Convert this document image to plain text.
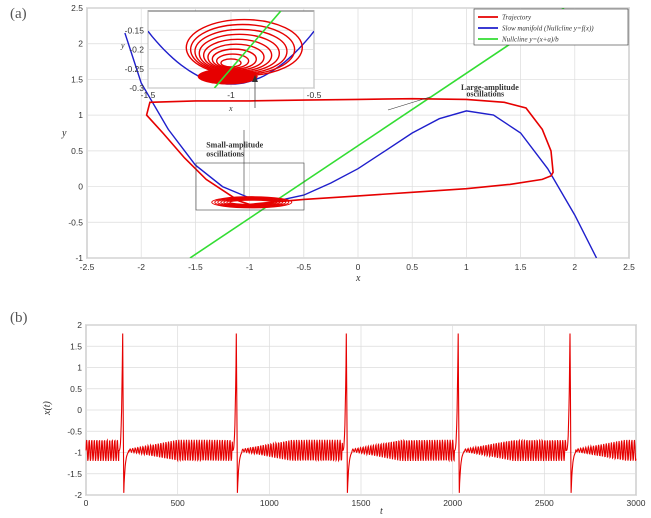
(a)
(b)
-2.5	-2	-1.5	-1	-0.5	0	0.5	1	1.5	2	2.5
-1
-0.5
0
0.5
1
1.5
2
2.5
x
y
Large-amplitude
oscillations
Small-amplitude
oscillations
-1.5	-1	-0.5
-0.15
-0.2
-0.25
-0.3
x
y
Trajectory
Slow manifold (Nullcline y=f(x))
Nullcline y=(x+a)/b
0	500	1000	1500	2000	2500	3000
-2
-1.5
-1
-0.5
0
0.5
1
1.5
2
t
x(t)
